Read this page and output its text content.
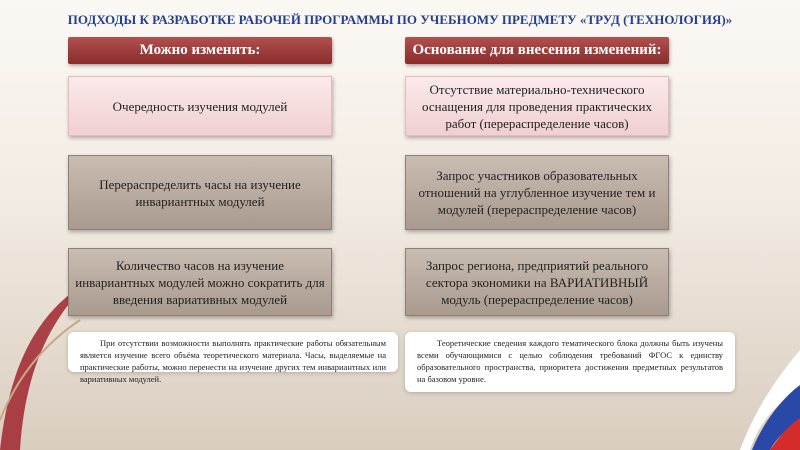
ПОДХОДЫ К РАЗРАБОТКЕ РАБОЧЕЙ ПРОГРАММЫ ПО УЧЕБНОМУ ПРЕДМЕТУ «ТРУД (ТЕХНОЛОГИЯ)»
Можно изменить:	Основание для внесения изменений:
Очередность изучения модулей
Перераспределить часы на изучение инвариантных модулей
Количество часов на изучение инвариантных модулей можно сократить для введения вариативных модулей
Отсутствие материально-технического оснащения для проведения практических работ (перераспределение часов)
Запрос участников образовательных отношений на углубленное изучение тем и модулей (перераспределение часов)
Запрос региона, предприятий реального сектора экономики на ВАРИАТИВНЫЙ модуль (перераспределение часов)
При отсутствии возможности выполнять практические работы обязательным является изучение всего объёма теоретического материала. Часы, выделяемые на практические работы, можно перенести на изучение других тем инвариантных или вариативных модулей.
Теоретические сведения каждого тематического блока должны быть изучены всеми обучающимися с целью соблюдения требований ФГОС к единству образовательного пространства, приоритета достижения предметных результатов на базовом уровне.
